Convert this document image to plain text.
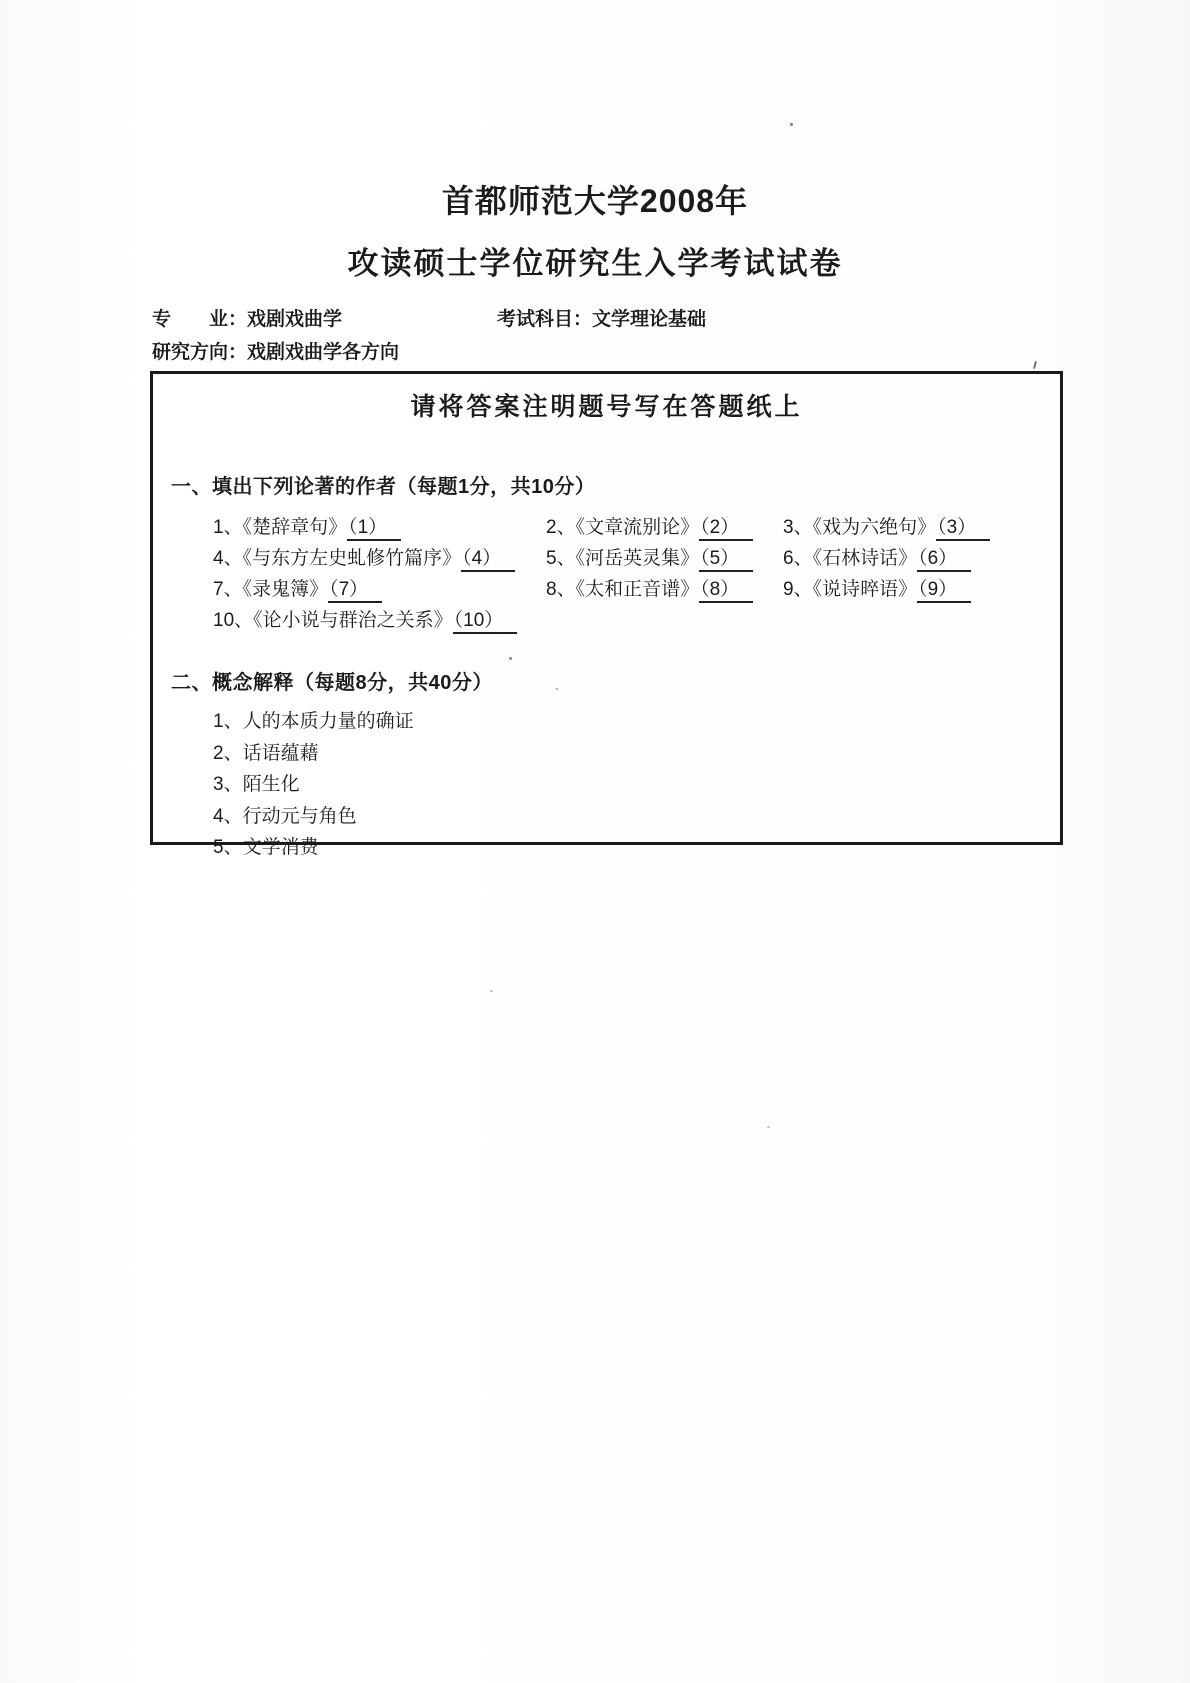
首都师范大学2008年
攻读硕士学位研究生入学考试试卷
专　　业：戏剧戏曲学	考试科目：文学理论基础
研究方向：戏剧戏曲学各方向
请将答案注明题号写在答题纸上
一、填出下列论著的作者（每题1分，共10分）
1、《楚辞章句》（1）	2、《文章流别论》（2）	3、《戏为六绝句》（3）
4、《与东方左史虬修竹篇序》（4）	5、《河岳英灵集》（5）	6、《石林诗话》（6）
7、《录鬼簿》（7）	8、《太和正音谱》（8）	9、《说诗晬语》（9）
10、《论小说与群治之关系》（10）
二、概念解释（每题8分，共40分）
1、人的本质力量的确证
2、话语蕴藉
3、陌生化
4、行动元与角色
5、文学消费
